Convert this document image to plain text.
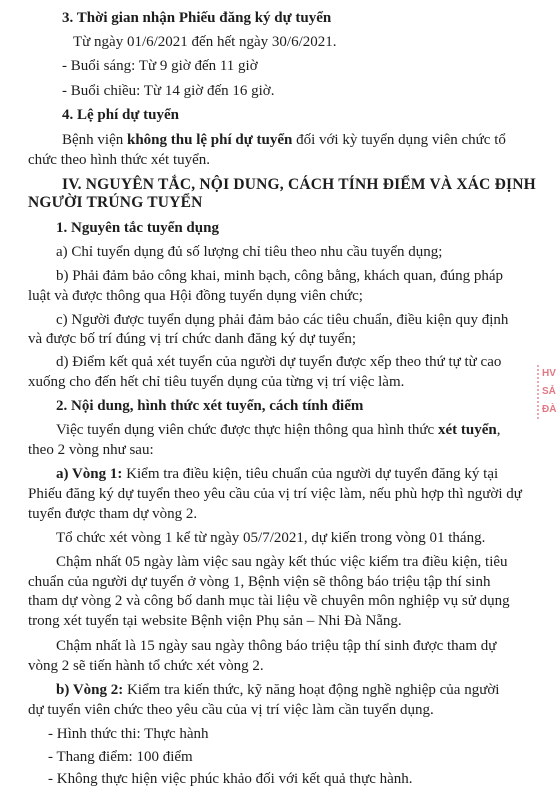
3. Thời gian nhận Phiếu đăng ký dự tuyển
Từ ngày 01/6/2021 đến hết ngày 30/6/2021.
- Buổi sáng: Từ 9 giờ đến 11 giờ
- Buổi chiều: Từ 14 giờ đến 16 giờ.
4. Lệ phí dự tuyển
Bệnh viện không thu lệ phí dự tuyển đối với kỳ tuyển dụng viên chức tổ
chức theo hình thức xét tuyển.
IV. NGUYÊN TẮC, NỘI DUNG, CÁCH TÍNH ĐIỂM VÀ XÁC ĐỊNH
NGƯỜI TRÚNG TUYỂN
1. Nguyên tắc tuyển dụng
a) Chỉ tuyển dụng đủ số lượng chỉ tiêu theo nhu cầu tuyển dụng;
b) Phải đảm bảo công khai, minh bạch, công bằng, khách quan, đúng pháp
luật và được thông qua Hội đồng tuyển dụng viên chức;
c) Người được tuyển dụng phải đảm bảo các tiêu chuẩn, điều kiện quy định
và được bố trí đúng vị trí chức danh đăng ký dự tuyển;
d) Điểm kết quả xét tuyển của người dự tuyển được xếp theo thứ tự từ cao
xuống cho đến hết chỉ tiêu tuyển dụng của từng vị trí việc làm.
2. Nội dung, hình thức xét tuyển, cách tính điểm
Việc tuyển dụng viên chức được thực hiện thông qua hình thức xét tuyển,
theo 2 vòng như sau:
a) Vòng 1: Kiểm tra điều kiện, tiêu chuẩn của người dự tuyển đăng ký tại
Phiếu đăng ký dự tuyển theo yêu cầu của vị trí việc làm, nếu phù hợp thì người dự
tuyển được tham dự vòng 2.
Tổ chức xét vòng 1 kể từ ngày 05/7/2021, dự kiến trong vòng 01 tháng.
Chậm nhất 05 ngày làm việc sau ngày kết thúc việc kiểm tra điều kiện, tiêu
chuẩn của người dự tuyển ở vòng 1, Bệnh viện sẽ thông báo triệu tập thí sinh
tham dự vòng 2 và công bố danh mục tài liệu về chuyên môn nghiệp vụ sử dụng
trong xét tuyển tại website Bệnh viện Phụ sản – Nhi Đà Nẵng.
Chậm nhất là 15 ngày sau ngày thông báo triệu tập thí sinh được tham dự
vòng 2 sẽ tiến hành tổ chức xét vòng 2.
b) Vòng 2: Kiểm tra kiến thức, kỹ năng hoạt động nghề nghiệp của người
dự tuyển viên chức theo yêu cầu của vị trí việc làm cần tuyển dụng.
- Hình thức thi: Thực hành
- Thang điểm: 100 điểm
- Không thực hiện việc phúc khảo đối với kết quả thực hành.
HV
SẢ
ĐÀ
